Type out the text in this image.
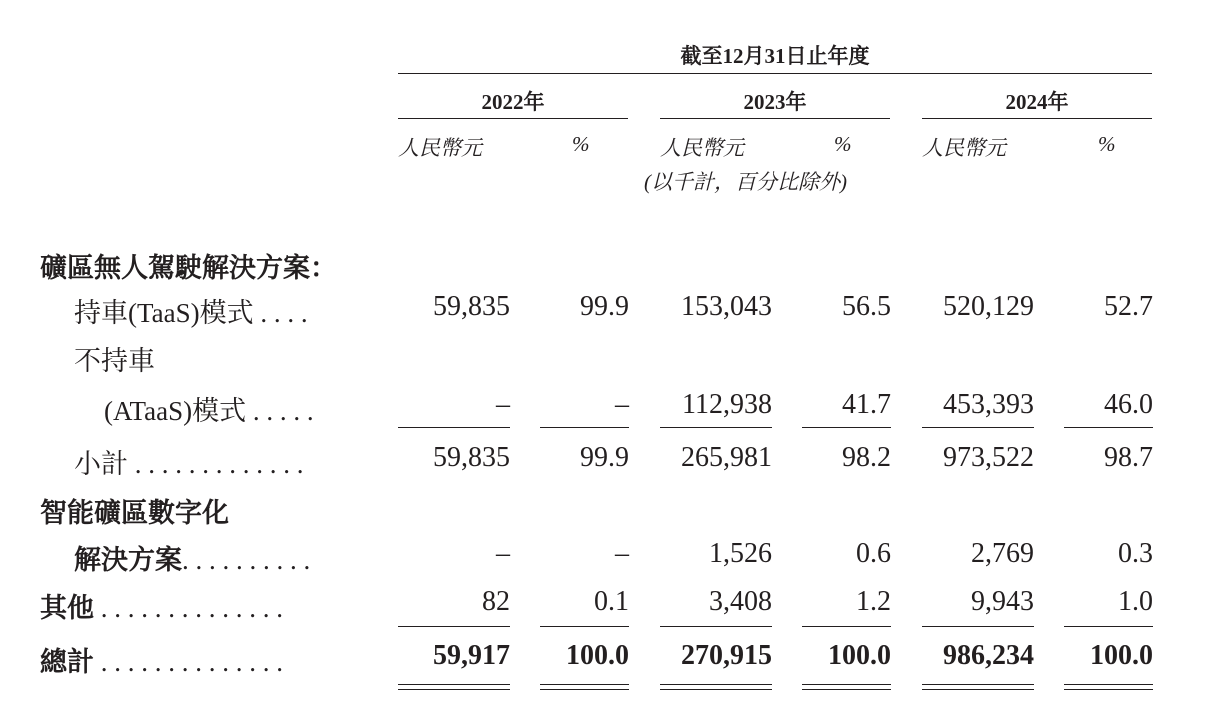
截至12月31日止年度
2022年	2023年	2024年
人民幣元	%	人民幣元	%	人民幣元	%
(以千計，百分比除外)
礦區無人駕駛解決方案：
持車(TaaS)模式 . . . .	59,835	99.9	153,043	56.5	520,129	52.7
不持車
(ATaaS)模式 . . . . .	–	–	112,938	41.7	453,393	46.0
小計 . . . . . . . . . . . . .	59,835	99.9	265,981	98.2	973,522	98.7
智能礦區數字化
解決方案. . . . . . . . . .	–	–	1,526	0.6	2,769	0.3
其他 . . . . . . . . . . . . . .	82	0.1	3,408	1.2	9,943	1.0
總計 . . . . . . . . . . . . . .	59,917	100.0	270,915	100.0	986,234	100.0
